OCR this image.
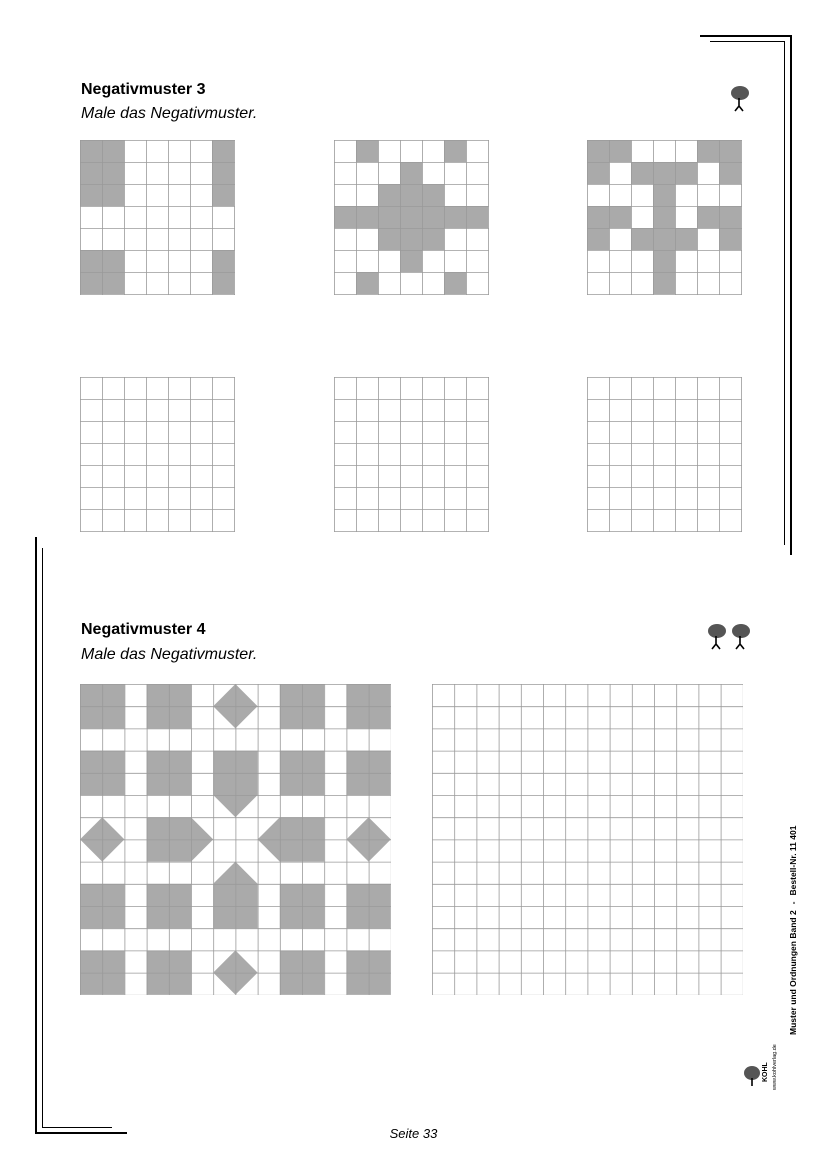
Negativmuster 3
Male das Negativmuster.
Negativmuster 4
Male das Negativmuster.
Muster und Ordnungen Band 2-Bestell-Nr. 11 401
KOHL www.kohlverlag.de
Seite 33
